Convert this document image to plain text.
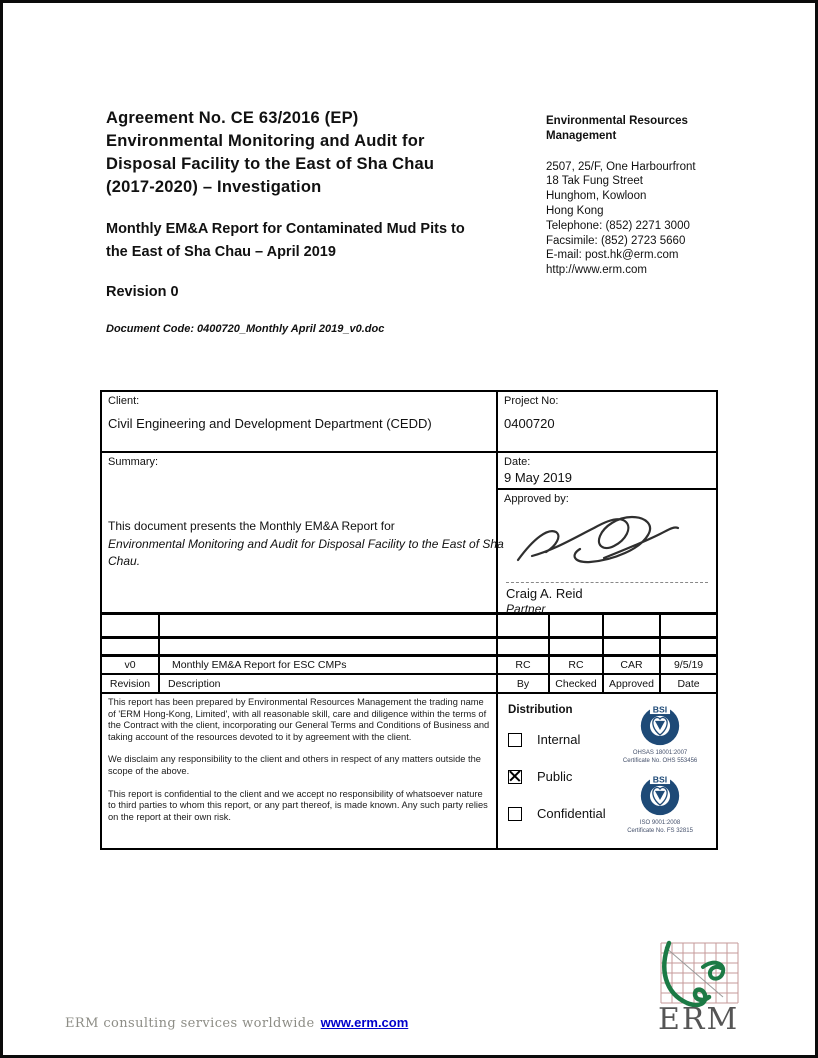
Agreement No. CE 63/2016 (EP)
Environmental Monitoring and Audit for
Disposal Facility to the East of Sha Chau
(2017-2020) – Investigation
Monthly EM&A Report for Contaminated Mud Pits to
the East of Sha Chau – April 2019
Revision 0
Document Code: 0400720_Monthly April 2019_v0.doc
Environmental Resources
Management
2507, 25/F, One Harbourfront
18 Tak Fung Street
Hunghom, Kowloon
Hong Kong
Telephone: (852) 2271 3000
Facsimile: (852) 2723 5660
E-mail: post.hk@erm.com
http://www.erm.com
Client:
Civil Engineering and Development Department (CEDD)

Project No:
0400720

Summary:
This document presents the Monthly EM&A Report for
Environmental Monitoring and Audit for Disposal Facility to the East of Sha Chau.

Date:
9 May 2019

		Approved by:
Craig A. Reid
Partner			

v0	Monthly EM&A Report for ESC CMPs	RC	RC	CAR	9/5/19
Revision	Description	By	Checked	Approved	Date

This report has been prepared by Environmental Resources Management the trading name of 'ERM Hong-Kong, Limited', with all reasonable skill, care and diligence within the terms of the Contract with the client, incorporating our General Terms and Conditions of Business and taking account of the resources devoted to it by agreement with the client.

We disclaim any responsibility to the client and others in respect of any matters outside the scope of the above.

This report is confidential to the client and we accept no responsibility of whatsoever nature to third parties to whom this report, or any part thereof, is made known. Any such party relies on the report at their own risk.

Distribution
Internal
Public
Confidential
BSI
OHSAS 18001:2007
Certificate No. OHS 553456
BSI
ISO 9001:2008
Certificate No. FS 32815
ERM
ERM consulting services worldwide www.erm.com
